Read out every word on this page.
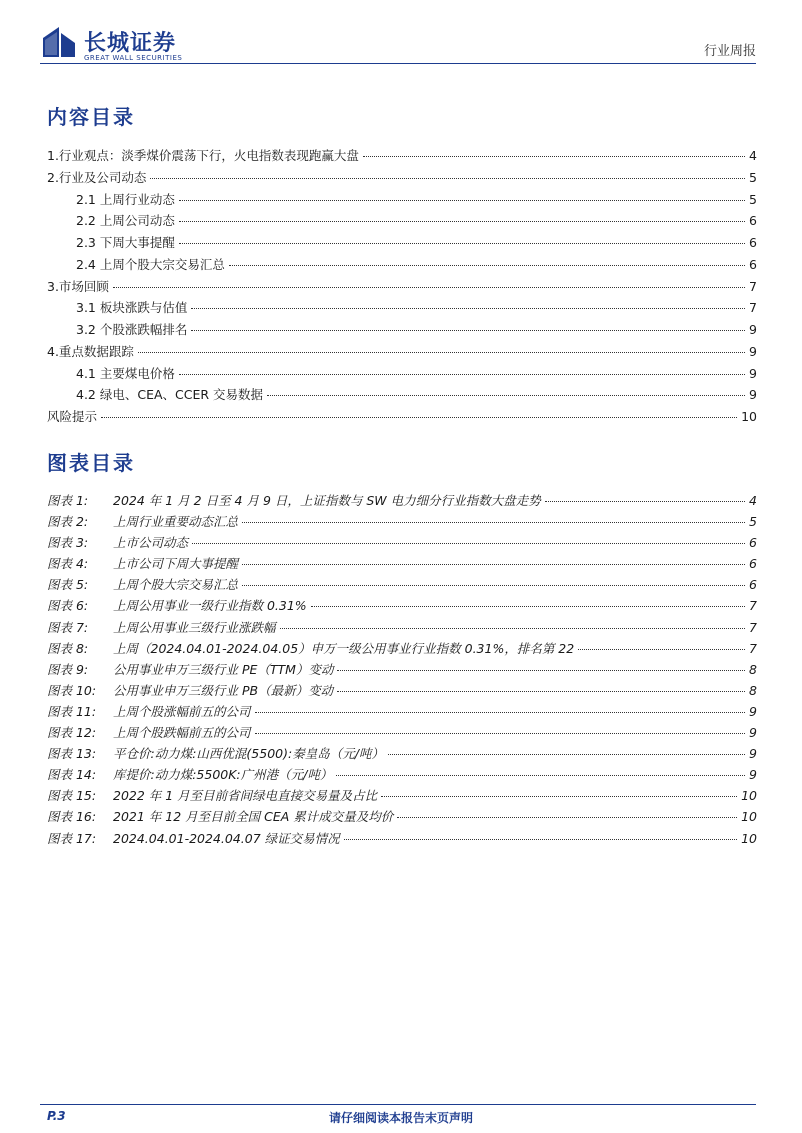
长城证券
GREAT WALL SECURITIES	行业周报
内容目录
1.行业观点：淡季煤价震荡下行，火电指数表现跑赢大盘	4
2.行业及公司动态	5
2.1 上周行业动态	5
2.2 上周公司动态	6
2.3 下周大事提醒	6
2.4 上周个股大宗交易汇总	6
3.市场回顾	7
3.1 板块涨跌与估值	7
3.2 个股涨跌幅排名	9
4.重点数据跟踪	9
4.1 主要煤电价格	9
4.2 绿电、CEA、CCER 交易数据	9
风险提示	10
图表目录
图表 1:	2024 年 1 月 2 日至 4 月 9 日，上证指数与 SW 电力细分行业指数大盘走势	4
图表 2:	上周行业重要动态汇总	5
图表 3:	上市公司动态	6
图表 4:	上市公司下周大事提醒	6
图表 5:	上周个股大宗交易汇总	6
图表 6:	上周公用事业一级行业指数 0.31%	7
图表 7:	上周公用事业三级行业涨跌幅	7
图表 8:	上周（2024.04.01-2024.04.05）申万一级公用事业行业指数 0.31%，排名第 22	7
图表 9:	公用事业申万三级行业 PE（TTM）变动	8
图表 10:	公用事业申万三级行业 PB（最新）变动	8
图表 11:	上周个股涨幅前五的公司	9
图表 12:	上周个股跌幅前五的公司	9
图表 13:	平仓价:动力煤:山西优混(5500):秦皇岛（元/吨）	9
图表 14:	库提价:动力煤:5500K:广州港（元/吨）	9
图表 15:	2022 年 1 月至目前省间绿电直接交易量及占比	10
图表 16:	2021 年 12 月至目前全国 CEA 累计成交量及均价	10
图表 17:	2024.04.01-2024.04.07 绿证交易情况	10
P.3	请仔细阅读本报告末页声明
